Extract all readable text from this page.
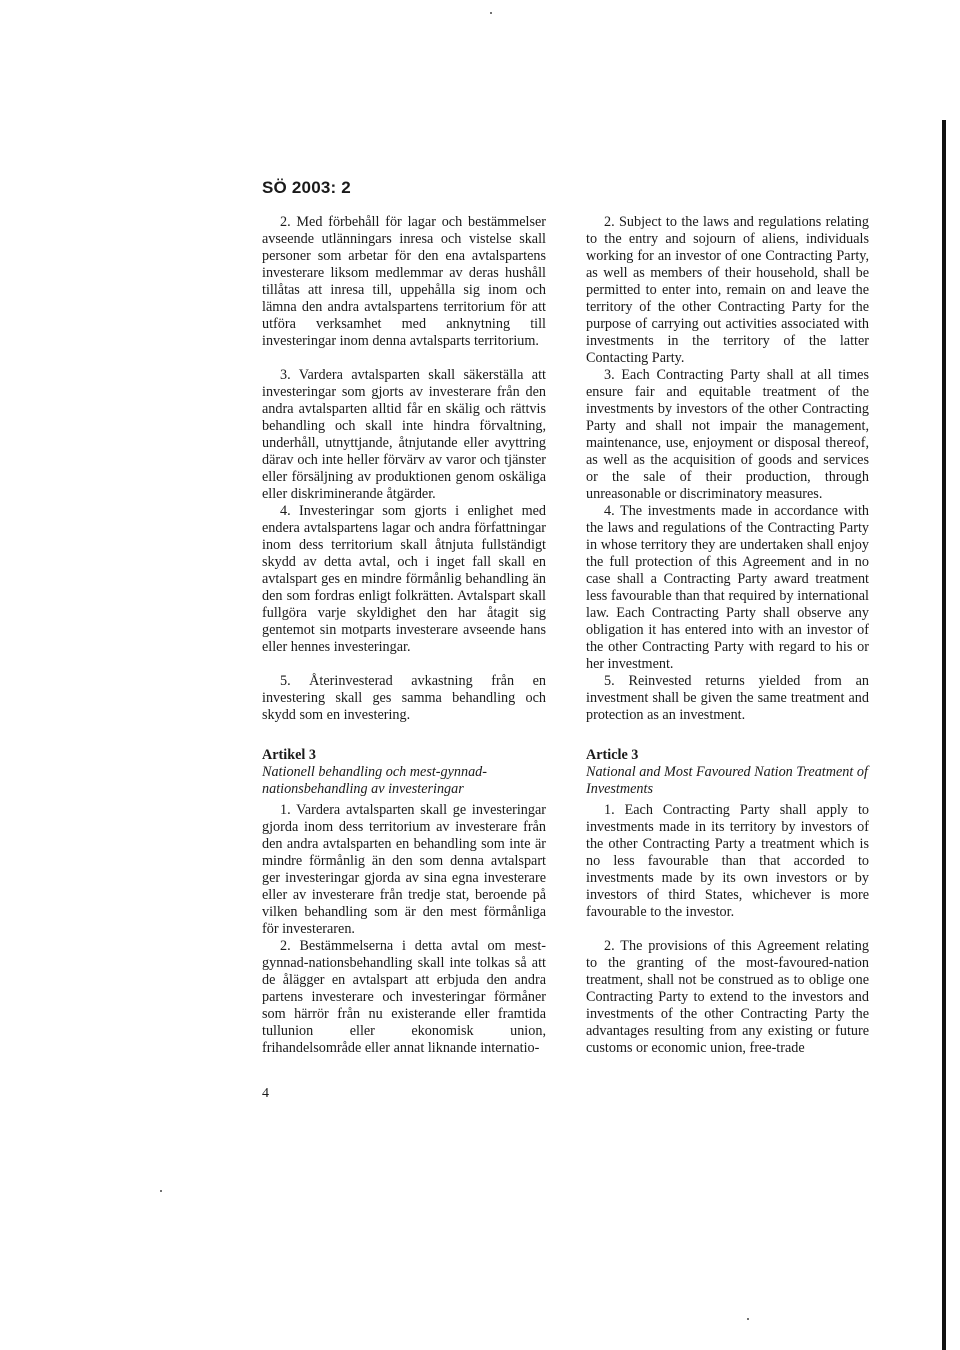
SÖ 2003: 2

2. Med förbehåll för lagar och bestämmelser avseende utlänningars inresa och vistelse skall personer som arbetar för den ena avtalspartens investerare liksom medlemmar av deras hushåll tillåtas att inresa till, uppehålla sig inom och lämna den andra avtalspartens territorium för att utföra verksamhet med anknytning till investeringar inom denna avtalsparts territorium.

3. Vardera avtalsparten skall säkerställa att investeringar som gjorts av investerare från den andra avtalsparten alltid får en skälig och rättvis behandling och skall inte hindra förvaltning, underhåll, utnyttjande, åtnjutande eller avyttring därav och inte heller förvärv av varor och tjänster eller försäljning av produktionen genom oskäliga eller diskriminerande åtgärder.

4. Investeringar som gjorts i enlighet med endera avtalspartens lagar och andra författningar inom dess territorium skall åtnjuta fullständigt skydd av detta avtal, och i inget fall skall en avtalspart ges en mindre förmånlig behandling än den som fordras enligt folkrätten. Avtalspart skall fullgöra varje skyldighet den har åtagit sig gentemot sin motparts investerare avseende hans eller hennes investeringar.

5. Återinvesterad avkastning från en investering skall ges samma behandling och skydd som en investering.

Artikel 3
Nationell behandling och mest-gynnad-nationsbehandling av investeringar

1. Vardera avtalsparten skall ge investeringar gjorda inom dess territorium av investerare från den andra avtalsparten en behandling som inte är mindre förmånlig än den som denna avtalspart ger investeringar gjorda av sina egna investerare eller av investerare från tredje stat, beroende på vilken behandling som är den mest förmånliga för investeraren.

2. Bestämmelserna i detta avtal om mest-gynnad-nationsbehandling skall inte tolkas så att de ålägger en avtalspart att erbjuda den andra partens investerare och investeringar förmåner som härrör från nu existerande eller framtida tullunion eller ekonomisk union, frihandelsområde eller annat liknande internatio-

2. Subject to the laws and regulations relating to the entry and sojourn of aliens, individuals working for an investor of one Contracting Party, as well as members of their household, shall be permitted to enter into, remain on and leave the territory of the other Contracting Party for the purpose of carrying out activities associated with investments in the territory of the latter Contacting Party.

3. Each Contracting Party shall at all times ensure fair and equitable treatment of the investments by investors of the other Contracting Party and shall not impair the management, maintenance, use, enjoyment or disposal thereof, as well as the acquisition of goods and services or the sale of their production, through unreasonable or discriminatory measures.

4. The investments made in accordance with the laws and regulations of the Contracting Party in whose territory they are undertaken shall enjoy the full protection of this Agreement and in no case shall a Contracting Party award treatment less favourable than that required by international law. Each Contracting Party shall observe any obligation it has entered into with an investor of the other Contracting Party with regard to his or her investment.

5. Reinvested returns yielded from an investment shall be given the same treatment and protection as an investment.

Article 3
National and Most Favoured Nation Treatment of Investments

1. Each Contracting Party shall apply to investments made in its territory by investors of the other Contracting Party a treatment which is no less favourable than that accorded to investments made by its own investors or by investors of third States, whichever is more favourable to the investor.

2. The provisions of this Agreement relating to the granting of the most-favoured-nation treatment, shall not be construed as to oblige one Contracting Party to extend to the investors and investments of the other Contracting Party the advantages resulting from any existing or future customs or economic union, free-trade

4
